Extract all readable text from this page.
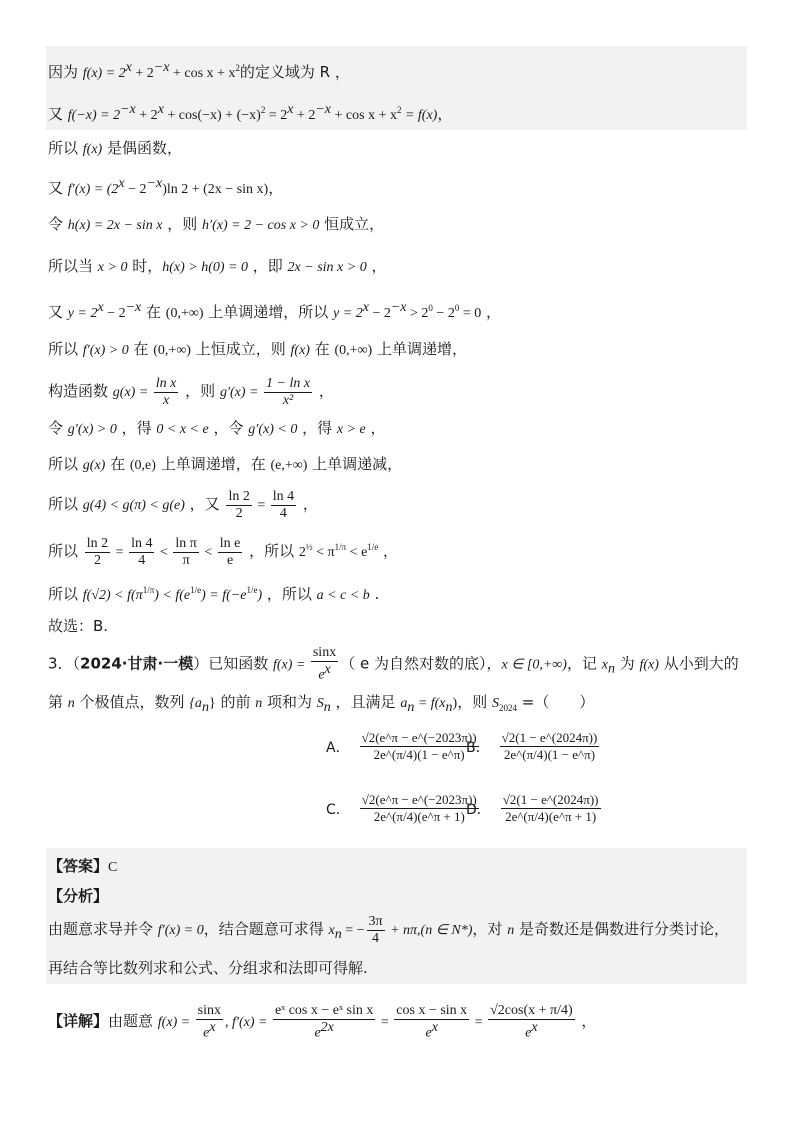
因为 $f(x) = 2^x + 2^{-x} + \cos x + x^2$的定义域为 R ，
又 $f(-x) = 2^{-x} + 2^x + \cos(-x) + (-x)^2 = 2^x + 2^{-x} + \cos x + x^2 = f(x)$，
所以 f(x) 是偶函数，
又 $f'(x) = (2^x - 2^{-x})\ln$ 2 + (2x − sin x)，
令 h(x) = 2x − sin x ，则 h′(x) = 2 − cos x > 0 恒成立，
所以当 x > 0 时，h(x) > h(0) = 0 ，即 2x − sin x > 0 ，
又 $y = 2^x - 2^{-x}$ 在 (0,+∞) 上单调递增，所以 $y = 2^x - 2^{-x} > 2^0 - 2^0 = 0$ ，
所以 f′(x) > 0 在 (0,+∞) 上恒成立，则 f(x) 在 (0,+∞) 上单调递增，
构造函数 $g(x) = \frac{\text{ln x}}{x}$ ，则 $g'(x) = \frac{\text{1 − ln x}}{\text{x²}}$ ，
令 g′(x) > 0 ，得 0 < x < e ，令 g′(x) < 0 ，得 x > e ，
所以 g(x) 在 (0,e) 上单调递增，在 (e,+∞) 上单调递减，
所以 g(4) < g(π) < g(e) ，又 $\frac{\ln 2}{2} = \frac{\ln 4}{4}$ ，
所以 $\frac{\ln 2}{2} = \frac{\ln 4}{4} < \frac{\text{ln π}}{\pi} < \frac{\text{ln e}}{e}$ ，所以 $2^{\frac{1}{2}} < \pi^{1/\pi} < e^{1/e}$ ，
所以 $f(√2) < f(\pi^{1/\pi}) < f(e^{1/e}) = f(-e^{1/e})$ ，所以 a < c < b .
故选：B.
3．（2024·甘肃·一模）已知函数 $f(x) = \frac{\sin x}{e^x}$ （ e 为自然对数的底），x ∈ [0,+∞)，记 $x_n$ 为 f(x) 从小到大的
第 n 个极值点，数列 $\{a_n\}$ 的前 n 项和为 $S_n$ ，且满足 $a_n = f(x_n)$，则 $S_{2024}$ =（　　）
A． $\frac{√2(e\^{}\pi - e\^{}(-2023\pi))}{2e\^{}(\pi/4)(1 - e\^{}\pi)}$
B． $\frac{√2(1 - e\^{}(2024\pi))}{2e\^{}(\pi/4)(1 - e\^{}\pi)}$
C． $\frac{√2(e\^{}\pi - e\^{}(-2023\pi))}{2e\^{}(\pi/4)(e\^{}\pi + 1)}$
D． $\frac{√2(1 - e\^{}(2024\pi))}{2e\^{}(\pi/4)(e\^{}\pi + 1)}$
【答案】C
【分析】
由题意求导并令 f′(x) = 0，结合题意可求得 $x_n$ = − $\frac{3\pi}{4} + n\pi,(n$ ∈ N*)，对 n 是奇数还是偶数进行分类讨论，
再结合等比数列求和公式、分组求和法即可得解.
【详解】由题意 $f(x) = \frac{\sin x}{e^x}$ , $f'(x) = \frac{\text{eˣ cos x − eˣ sin x}}{e^{2x}} = \frac{\text{cos x − sin x}}{e^x} = \frac{√2\cos(x + \pi/4)}{e^x}$ ，
